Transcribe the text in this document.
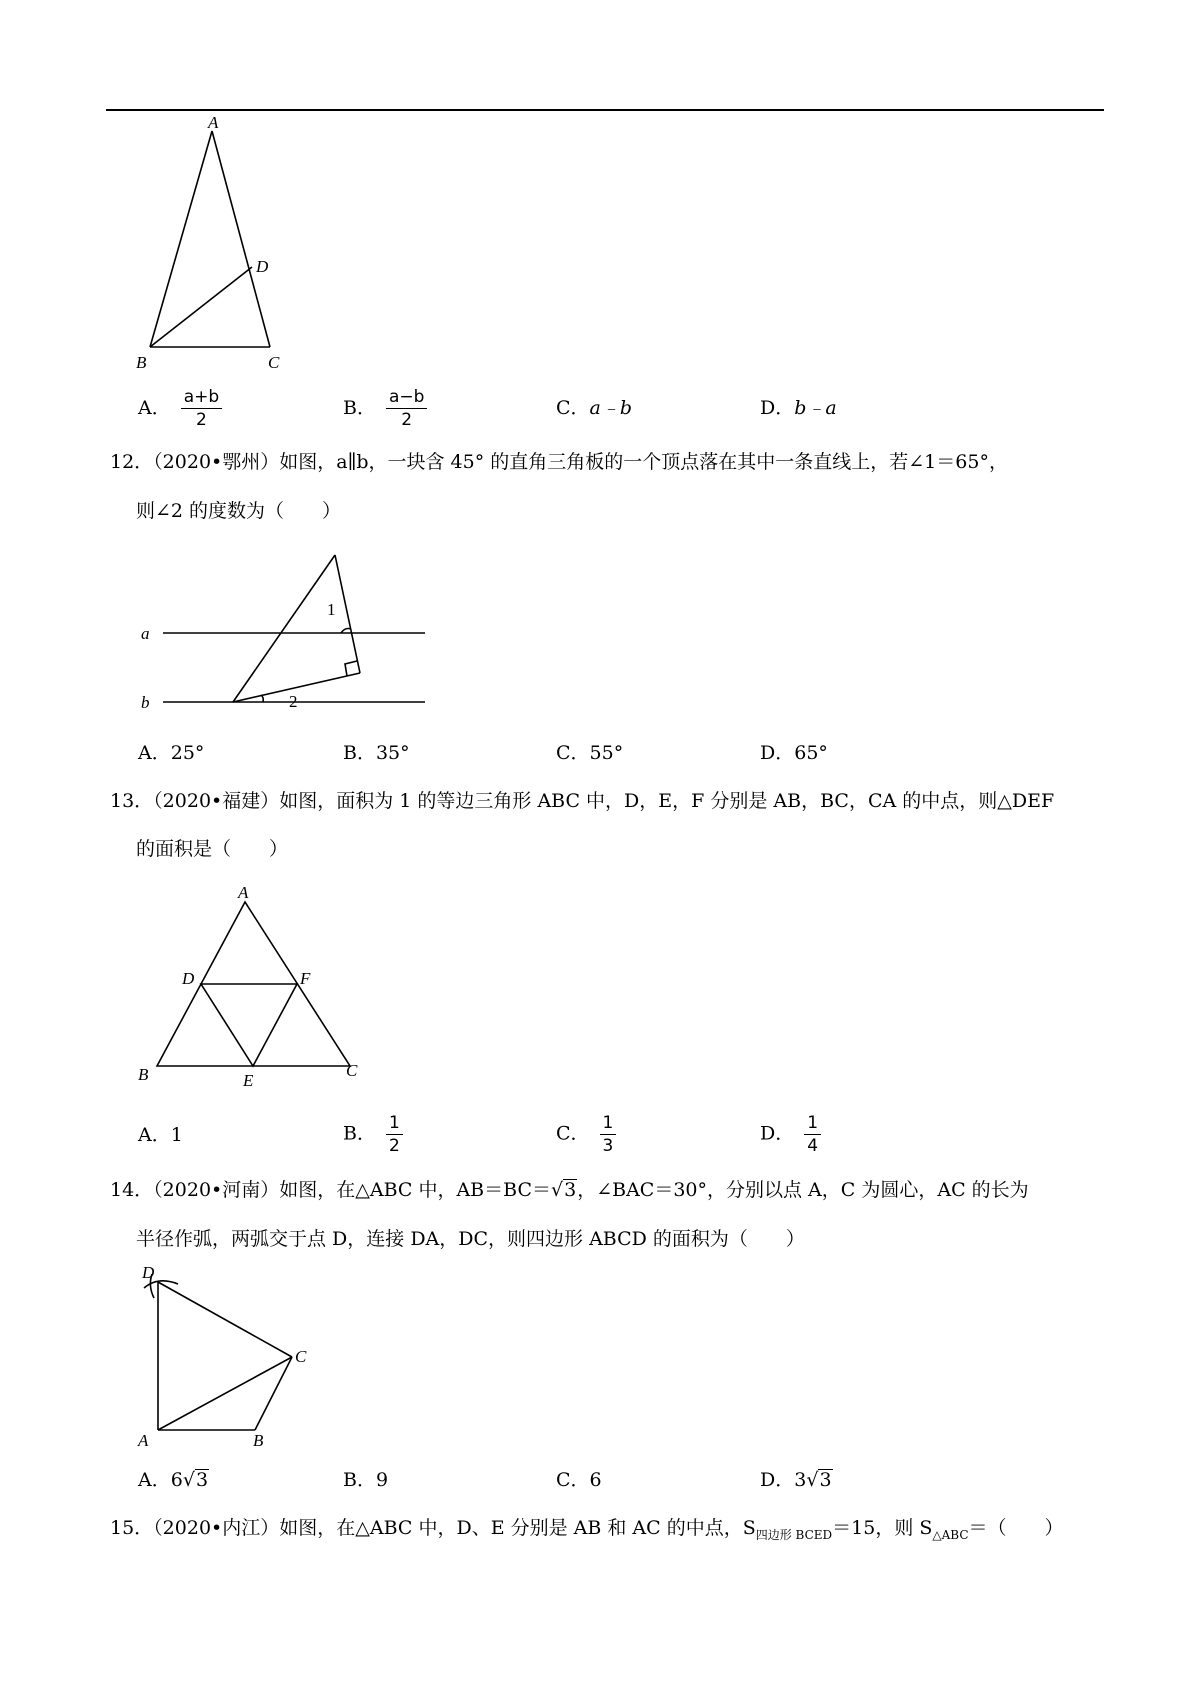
A
D
B	C
A． $\frac{a+b}{2}$	B． $\frac{a-b}{2}$	C．a﹣b	D．b﹣a
12．（2020•鄂州）如图，a∥b，一块含 45° 的直角三角板的一个顶点落在其中一条直线上，若∠1＝65°，
则∠2 的度数为（　　）
a
b
1
2
A．25°	B．35°	C．55°	D．65°
13．（2020•福建）如图，面积为 1 的等边三角形 ABC 中，D，E，F 分别是 AB，BC，CA 的中点，则△DEF
的面积是（　　）
A
D	F
B	E
C
A．1	B． $\frac{1}{2}$	C． $\frac{1}{3}$	D． $\frac{1}{4}$
14．（2020•河南）如图，在△ABC 中，AB＝BC＝√3，∠BAC＝30°，分别以点 A，C 为圆心，AC 的长为
半径作弧，两弧交于点 D，连接 DA，DC，则四边形 ABCD 的面积为（　　）
D
C
A	B
A．6√3	B．9	C．6	D．3√3
15．（2020•内江）如图，在△ABC 中，D、E 分别是 AB 和 AC 的中点，$S_{四边形 BCED}=15$，则 $S_{\triangle ABC}=$（　　）
